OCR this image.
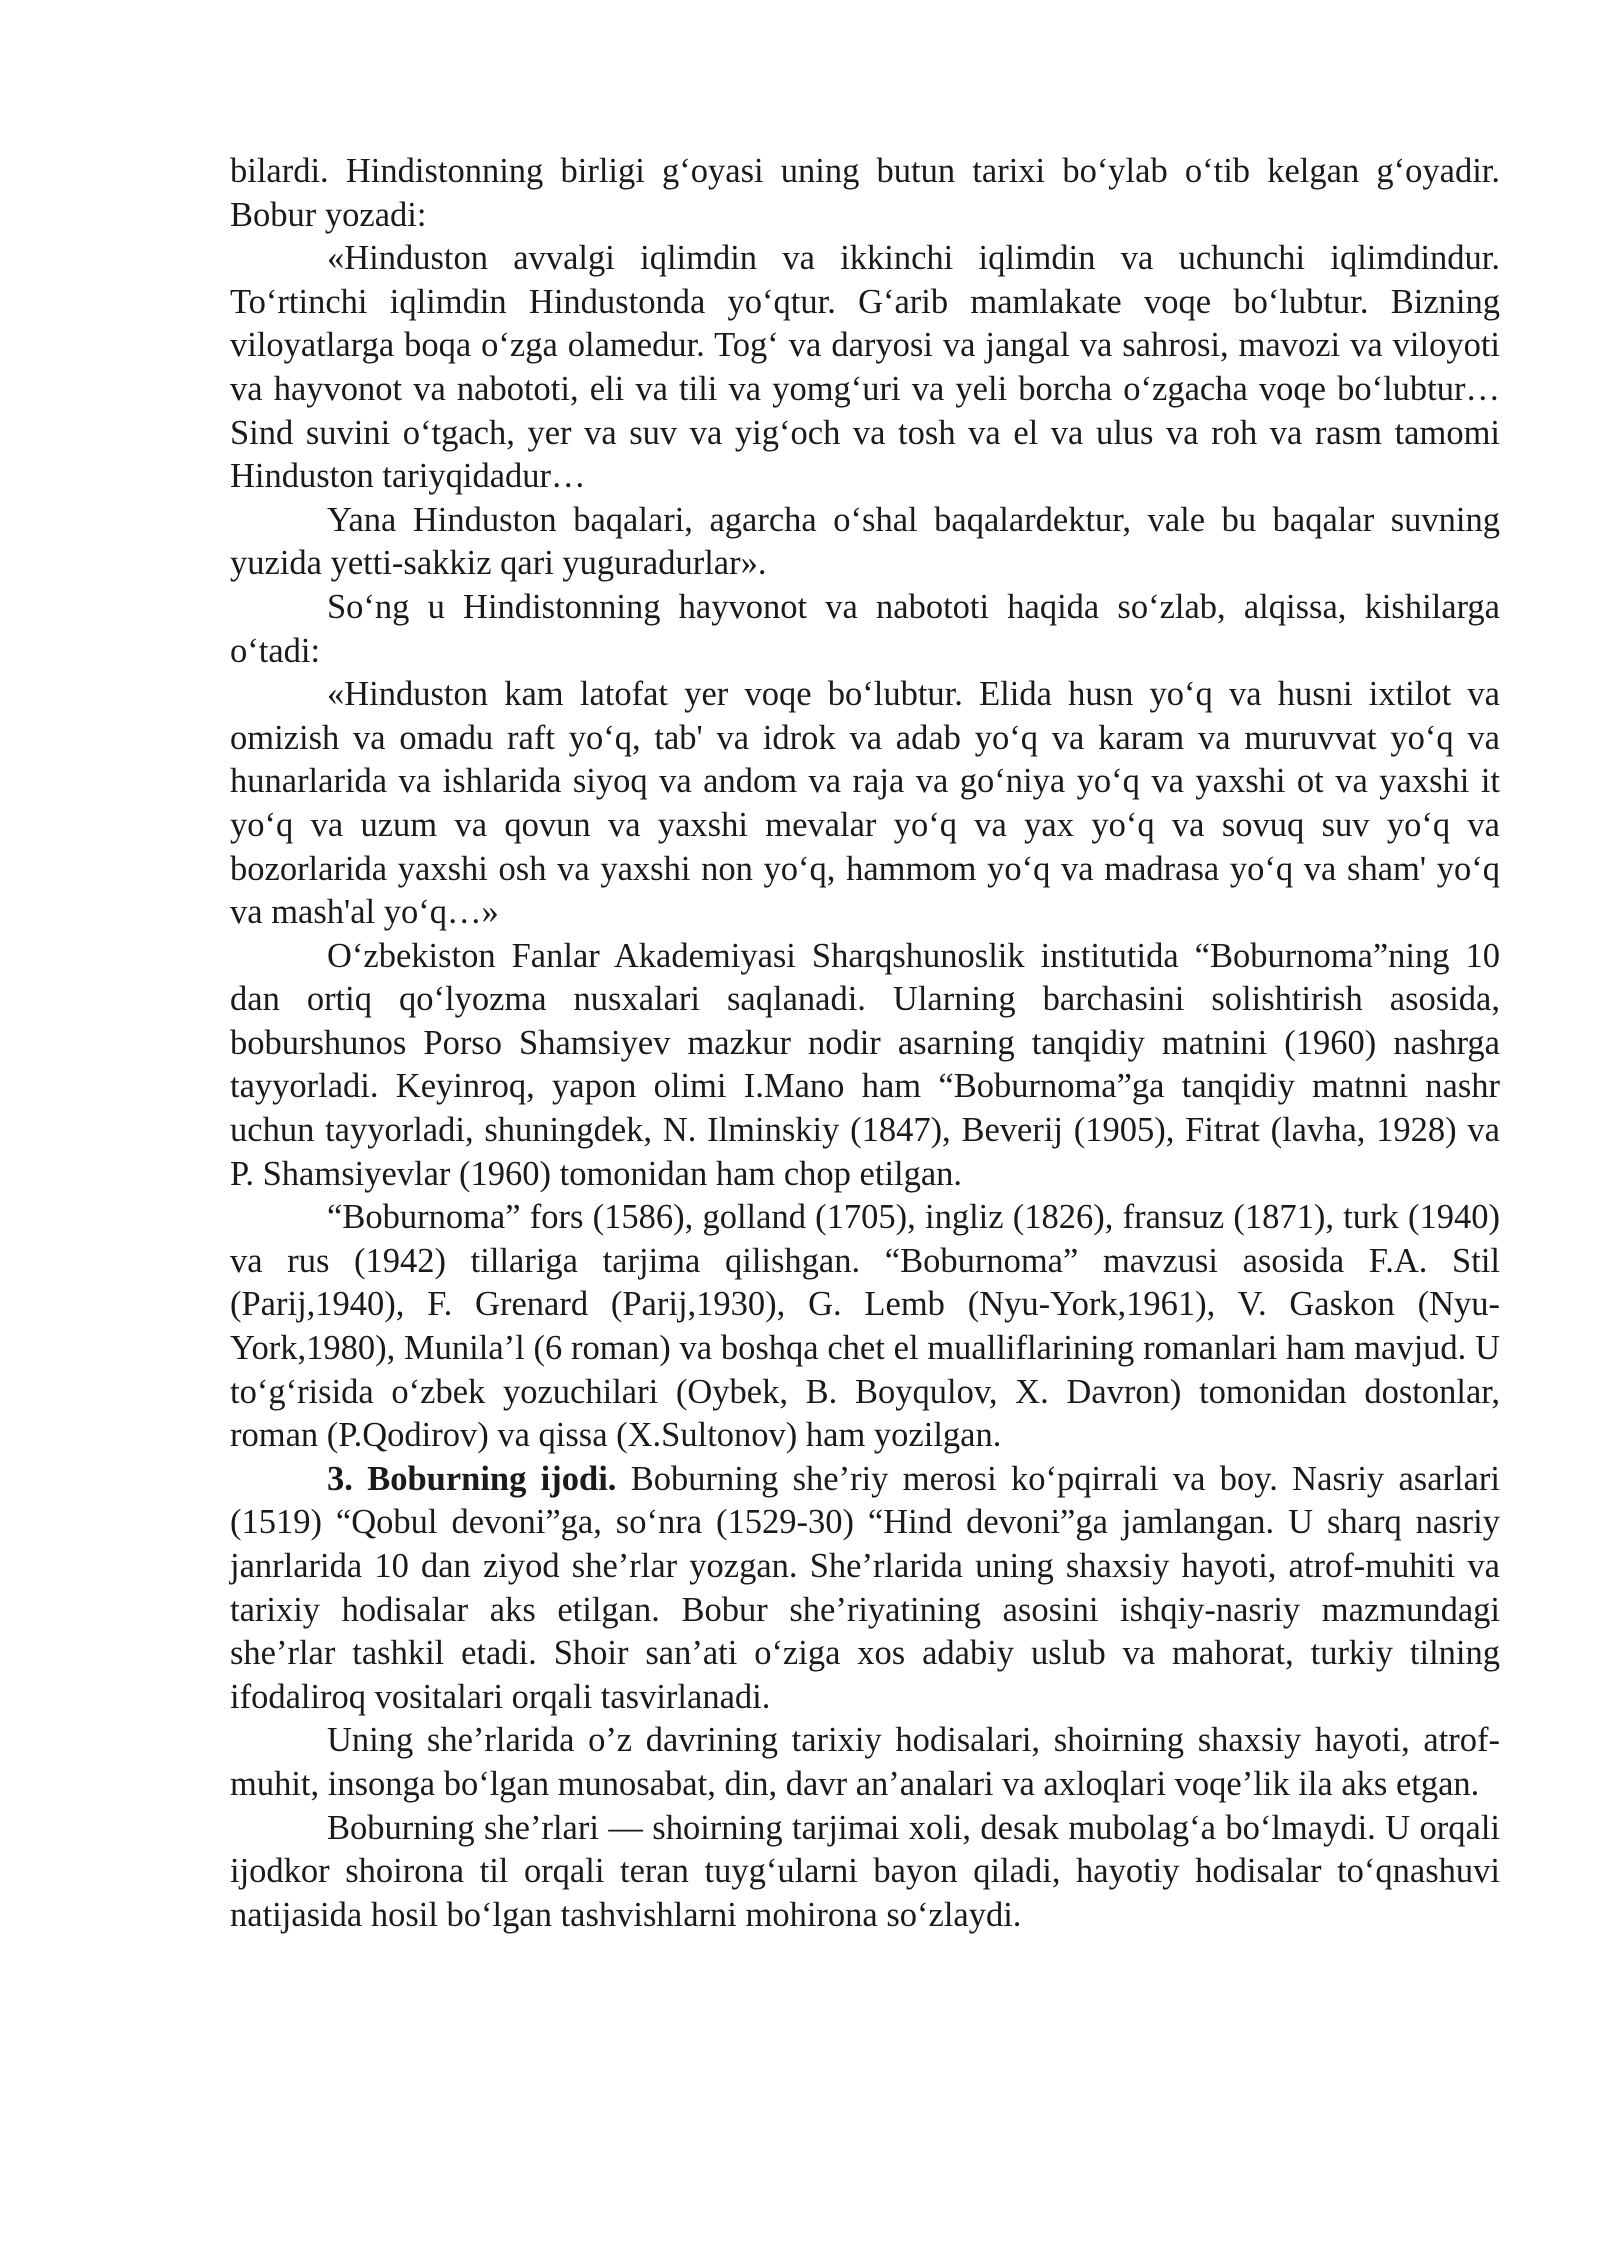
bilardi. Hindistonning birligi g‘oyasi uning butun tarixi bo‘ylab o‘tib kelgan g‘oyadir. Bobur yozadi:

«Hinduston avvalgi iqlimdin va ikkinchi iqlimdin va uchunchi iqlimdindur. To‘rtinchi iqlimdin Hindustonda yo‘qtur. G‘arib mamlakate voqe bo‘lubtur. Bizning viloyatlarga boqa o‘zga olamedur. Tog‘ va daryosi va jangal va sahrosi, mavozi va viloyoti va hayvonot va nabototi, eli va tili va yomg‘uri va yeli borcha o‘zgacha voqe bo‘lubtur… Sind suvini o‘tgach, yer va suv va yig‘och va tosh va el va ulus va roh va rasm tamomi Hinduston tariyqidadur…

Yana Hinduston baqalari, agarcha o‘shal baqalardektur, vale bu baqalar suvning yuzida yetti-sakkiz qari yuguradurlar».

So‘ng u Hindistonning hayvonot va nabototi haqida so‘zlab, alqissa, kishilarga o‘tadi:

«Hinduston kam latofat yer voqe bo‘lubtur. Elida husn yo‘q va husni ixtilot va omizish va omadu raft yo‘q, tab' va idrok va adab yo‘q va karam va muruvvat yo‘q va hunarlarida va ishlarida siyoq va andom va raja va go‘niya yo‘q va yaxshi ot va yaxshi it yo‘q va uzum va qovun va yaxshi mevalar yo‘q va yax yo‘q va sovuq suv yo‘q va bozorlarida yaxshi osh va yaxshi non yo‘q, hammom yo‘q va madrasa yo‘q va sham' yo‘q va mash'al yo‘q…»

O‘zbekiston Fanlar Akademiyasi Sharqshunoslik institutida “Boburnoma”ning 10 dan ortiq qo‘lyozma nusxalari saqlanadi. Ularning barchasini solishtirish asosida, boburshunos Porso Shamsiyev mazkur nodir asarning tanqidiy matnini (1960) nashrga tayyorladi. Keyinroq, yapon olimi I.Mano ham “Boburnoma”ga tanqidiy matnni nashr uchun tayyorladi, shuningdek, N. Ilminskiy (1847), Beverij (1905), Fitrat (lavha, 1928) va P. Shamsiyevlar (1960) tomonidan ham chop etilgan.

“Boburnoma” fors (1586), golland (1705), ingliz (1826), fransuz (1871), turk (1940) va rus (1942) tillariga tarjima qilishgan. “Boburnoma” mavzusi asosida F.A. Stil (Parij,1940), F. Grenard (Parij,1930), G. Lemb (Nyu-York,1961), V. Gaskon (Nyu-York,1980), Munila’l (6 roman) va boshqa chet el mualliflarining romanlari ham mavjud. U to‘g‘risida o‘zbek yozuchilari (Oybek, B. Boyqulov, X. Davron) tomonidan dostonlar, roman (P.Qodirov) va qissa (X.Sultonov) ham yozilgan.

3. Boburning ijodi. Boburning she’riy merosi ko‘pqirrali va boy. Nasriy asarlari (1519) “Qobul devoni”ga, so‘nra (1529-30) “Hind devoni”ga jamlangan. U sharq nasriy janrlarida 10 dan ziyod she’rlar yozgan. She’rlarida uning shaxsiy hayoti, atrof-muhiti va tarixiy hodisalar aks etilgan. Bobur she’riyatining asosini ishqiy-nasriy mazmundagi she’rlar tashkil etadi. Shoir san’ati o‘ziga xos adabiy uslub va mahorat, turkiy tilning ifodaliroq vositalari orqali tasvirlanadi.

Uning she’rlarida o’z davrining tarixiy hodisalari, shoirning shaxsiy hayoti, atrof-muhit, insonga bo‘lgan munosabat, din, davr an’analari va axloqlari voqe’lik ila aks etgan.

Boburning she’rlari — shoirning tarjimai xoli, desak mubolag‘a bo‘lmaydi. U orqali ijodkor shoirona til orqali teran tuyg‘ularni bayon qiladi, hayotiy hodisalar to‘qnashuvi natijasida hosil bo‘lgan tashvishlarni mohirona so‘zlaydi.
